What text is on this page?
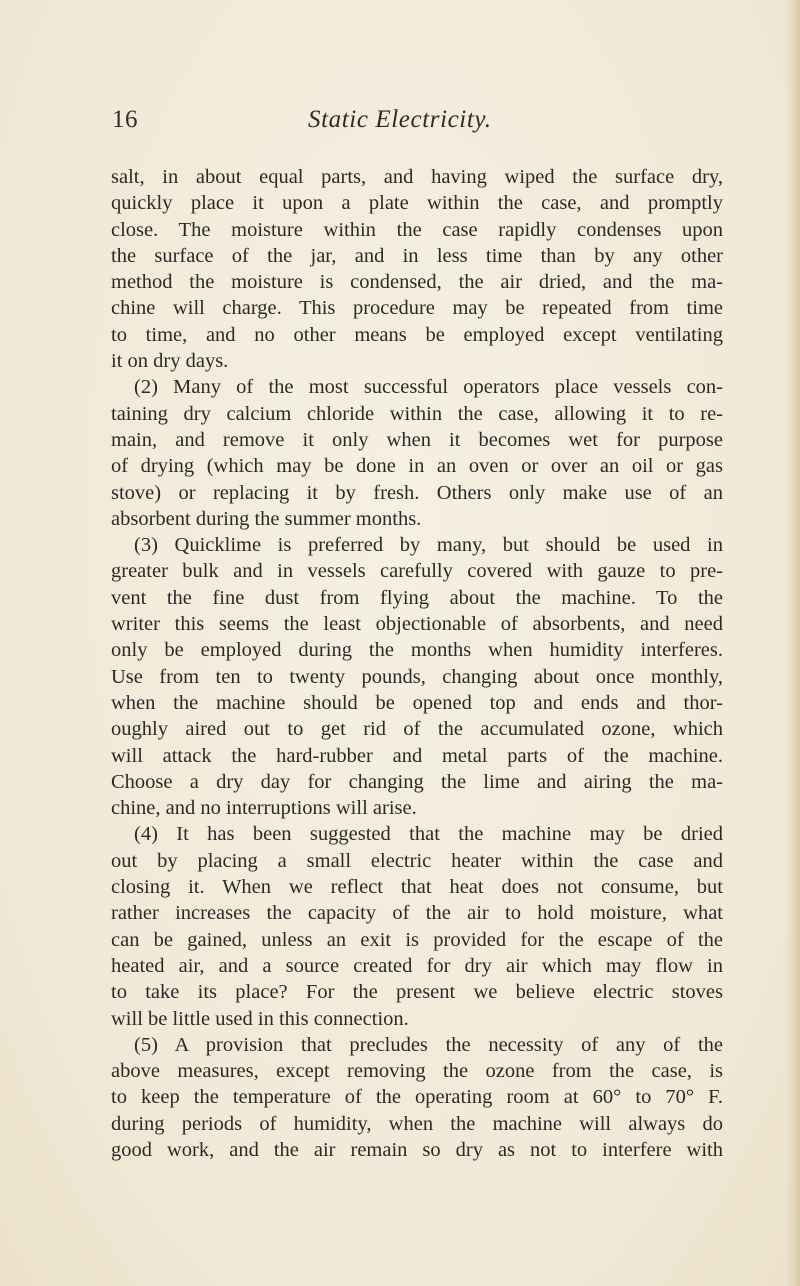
16	Static Electricity.
salt, in about equal parts, and having wiped the surface dry,
quickly place it upon a plate within the case, and promptly
close. The moisture within the case rapidly condenses upon
the surface of the jar, and in less time than by any other
method the moisture is condensed, the air dried, and the ma-
chine will charge. This procedure may be repeated from time
to time, and no other means be employed except ventilating
it on dry days.
(2) Many of the most successful operators place vessels con-
taining dry calcium chloride within the case, allowing it to re-
main, and remove it only when it becomes wet for purpose
of drying (which may be done in an oven or over an oil or gas
stove) or replacing it by fresh. Others only make use of an
absorbent during the summer months.
(3) Quicklime is preferred by many, but should be used in
greater bulk and in vessels carefully covered with gauze to pre-
vent the fine dust from flying about the machine. To the
writer this seems the least objectionable of absorbents, and need
only be employed during the months when humidity interferes.
Use from ten to twenty pounds, changing about once monthly,
when the machine should be opened top and ends and thor-
oughly aired out to get rid of the accumulated ozone, which
will attack the hard-rubber and metal parts of the machine.
Choose a dry day for changing the lime and airing the ma-
chine, and no interruptions will arise.
(4) It has been suggested that the machine may be dried
out by placing a small electric heater within the case and
closing it. When we reflect that heat does not consume, but
rather increases the capacity of the air to hold moisture, what
can be gained, unless an exit is provided for the escape of the
heated air, and a source created for dry air which may flow in
to take its place? For the present we believe electric stoves
will be little used in this connection.
(5) A provision that precludes the necessity of any of the
above measures, except removing the ozone from the case, is
to keep the temperature of the operating room at 60° to 70° F.
during periods of humidity, when the machine will always do
good work, and the air remain so dry as not to interfere with
